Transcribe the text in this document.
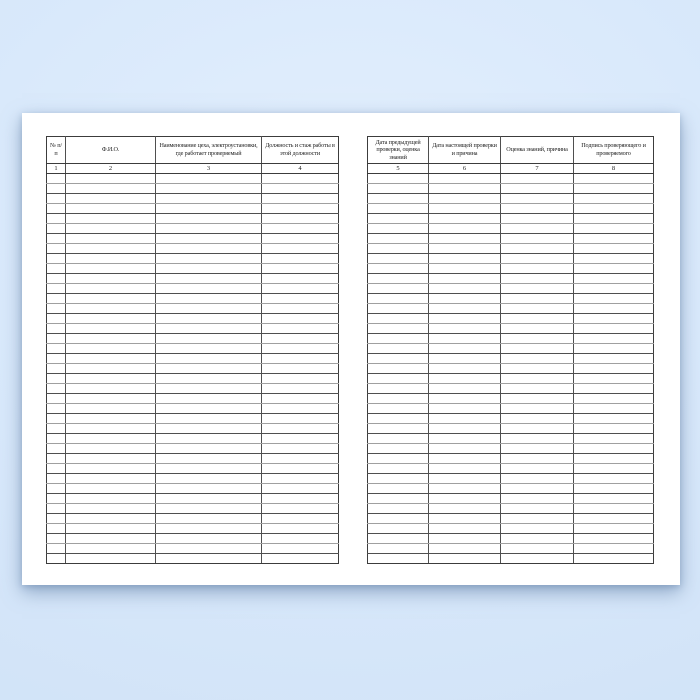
№ п/п	Ф.И.О.	Наименование цеха, электроустановки, где работает проверяемый	Должность и стаж работы в этой должности
1	2	3	4

Дата предыдущей проверки, оценка знаний	Дата настоящей проверки и причина	Оценка знаний, причина	Подпись проверяющего и проверяемого
5	6	7	8
